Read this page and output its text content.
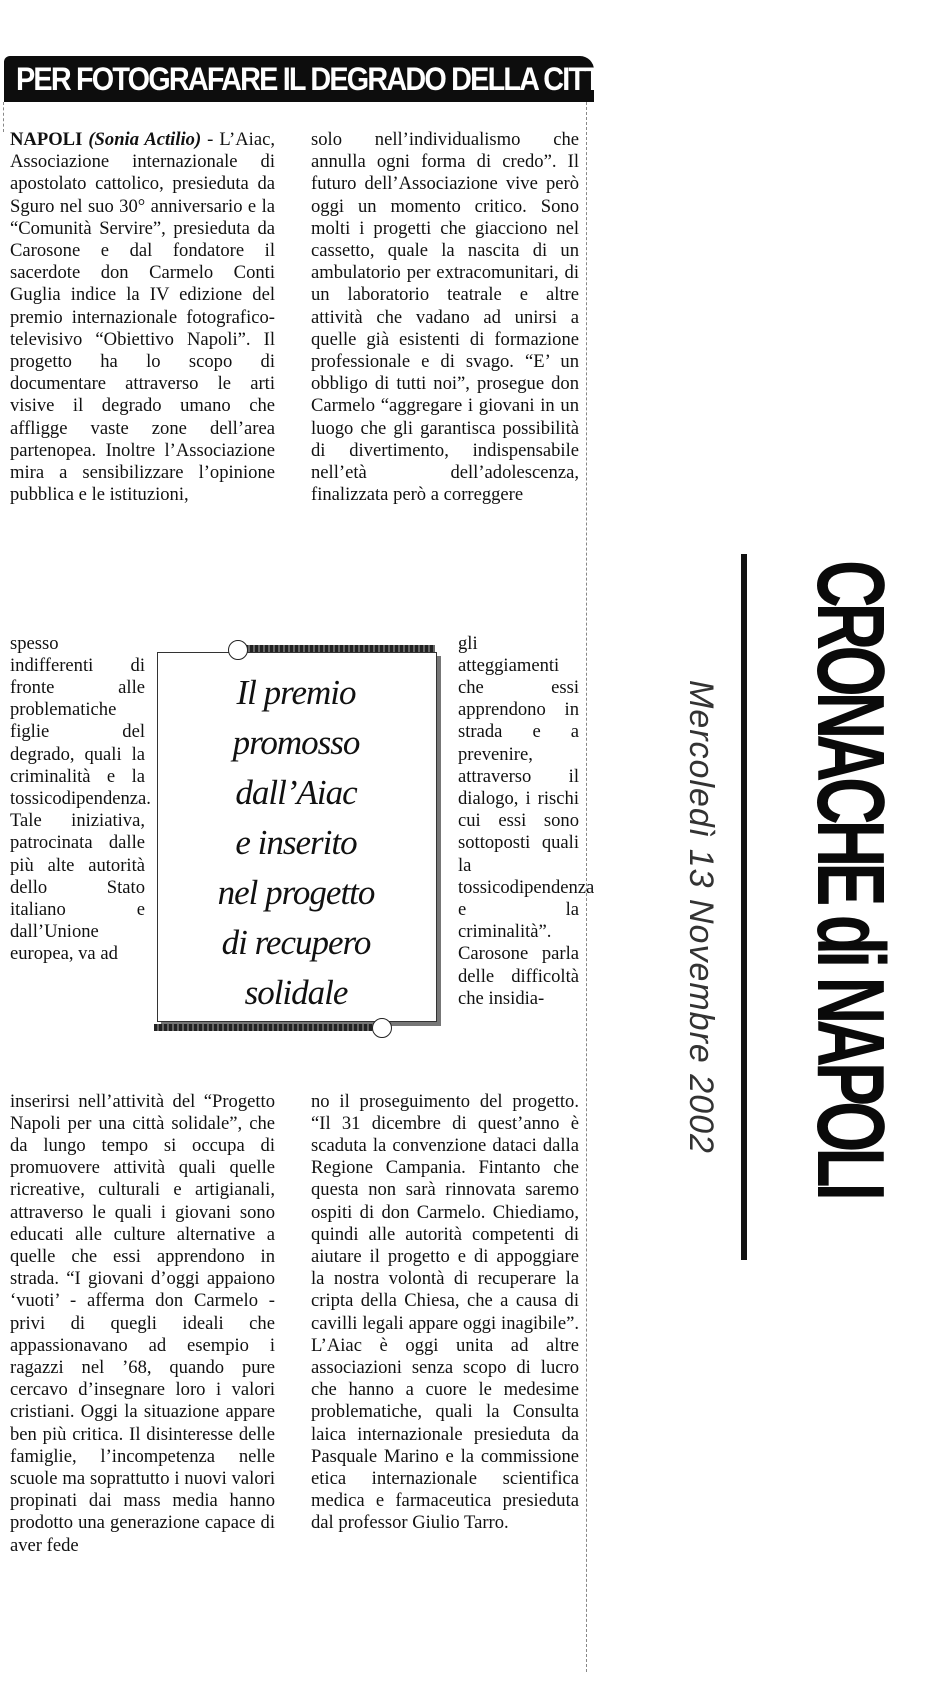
PER FOTOGRAFARE IL DEGRADO DELLA CITTÀ

NAPOLI (Sonia Actilio) - L’Aiac, Associazione internazionale di apostolato cattolico, presieduta da Sguro nel suo 30° anniversario e la “Comunità Servire”, presieduta da Carosone e dal fondatore il sacerdote don Carmelo Conti Guglia indice la IV edizione del premio internazionale fotografico-televisivo “Obiettivo Napoli”. Il progetto ha lo scopo di documentare attraverso le arti visive il degrado umano che affligge vaste zone dell’area partenopea. Inoltre l’Associazione mira a sensibilizzare l’opinione pubblica e le istituzioni,

spesso indifferenti di fronte alle problematiche figlie del degrado, quali la criminalità e la tossicodipendenza. Tale iniziativa, patrocinata dalle più alte autorità dello Stato italiano e dall’Unione europea, va ad

inserirsi nell’attività del “Progetto Napoli per una città solidale”, che da lungo tempo si occupa di promuovere attività quali quelle ricreative, culturali e artigianali, attraverso le quali i giovani sono educati alle culture alternative a quelle che essi apprendono in strada. “I giovani d’oggi appaiono ‘vuoti’ - afferma don Carmelo - privi di quegli ideali che appassionavano ad esempio i ragazzi nel ’68, quando pure cercavo d’insegnare loro i valori cristiani. Oggi la situazione appare ben più critica. Il disinteresse delle famiglie, l’incompetenza nelle scuole ma soprattutto i nuovi valori propinati dai mass media hanno prodotto una generazione capace di aver fede

solo nell’individualismo che annulla ogni forma di credo”. Il futuro dell’Associazione vive però oggi un momento critico. Sono molti i progetti che giacciono nel cassetto, quale la nascita di un ambulatorio per extracomunitari, di un laboratorio teatrale e altre attività che vadano ad unirsi a quelle già esistenti di formazione professionale e di svago. “E’ un obbligo di tutti noi”, prosegue don Carmelo “aggregare i giovani in un luogo che gli garantisca possibilità di divertimento, indispensabile nell’età dell’adolescenza, finalizzata però a correggere

gli atteggiamenti che essi apprendono in strada e a prevenire, attraverso il dialogo, i rischi cui essi sono sottoposti quali la tossicodipendenza e la criminalità”. Carosone parla delle difficoltà che insidia-

no il proseguimento del progetto. “Il 31 dicembre di quest’anno è scaduta la convenzione dataci dalla Regione Campania. Fintanto che questa non sarà rinnovata saremo ospiti di don Carmelo. Chiediamo, quindi alle autorità competenti di aiutare il progetto e di appoggiare la nostra volontà di recuperare la cripta della Chiesa, che a causa di cavilli legali appare oggi inagibile”. L’Aiac è oggi unita ad altre associazioni senza scopo di lucro che hanno a cuore le medesime problematiche, quali la Consulta laica internazionale presieduta da Pasquale Marino e la commissione etica internazionale scientifica medica e farmaceutica presieduta dal professor Giulio Tarro.

Il premio
promosso
dall’Aiac
e inserito
nel progetto
di recupero
solidale	Mercoledì 13 Novembre 2002 CRONACHE di NAPOLI
